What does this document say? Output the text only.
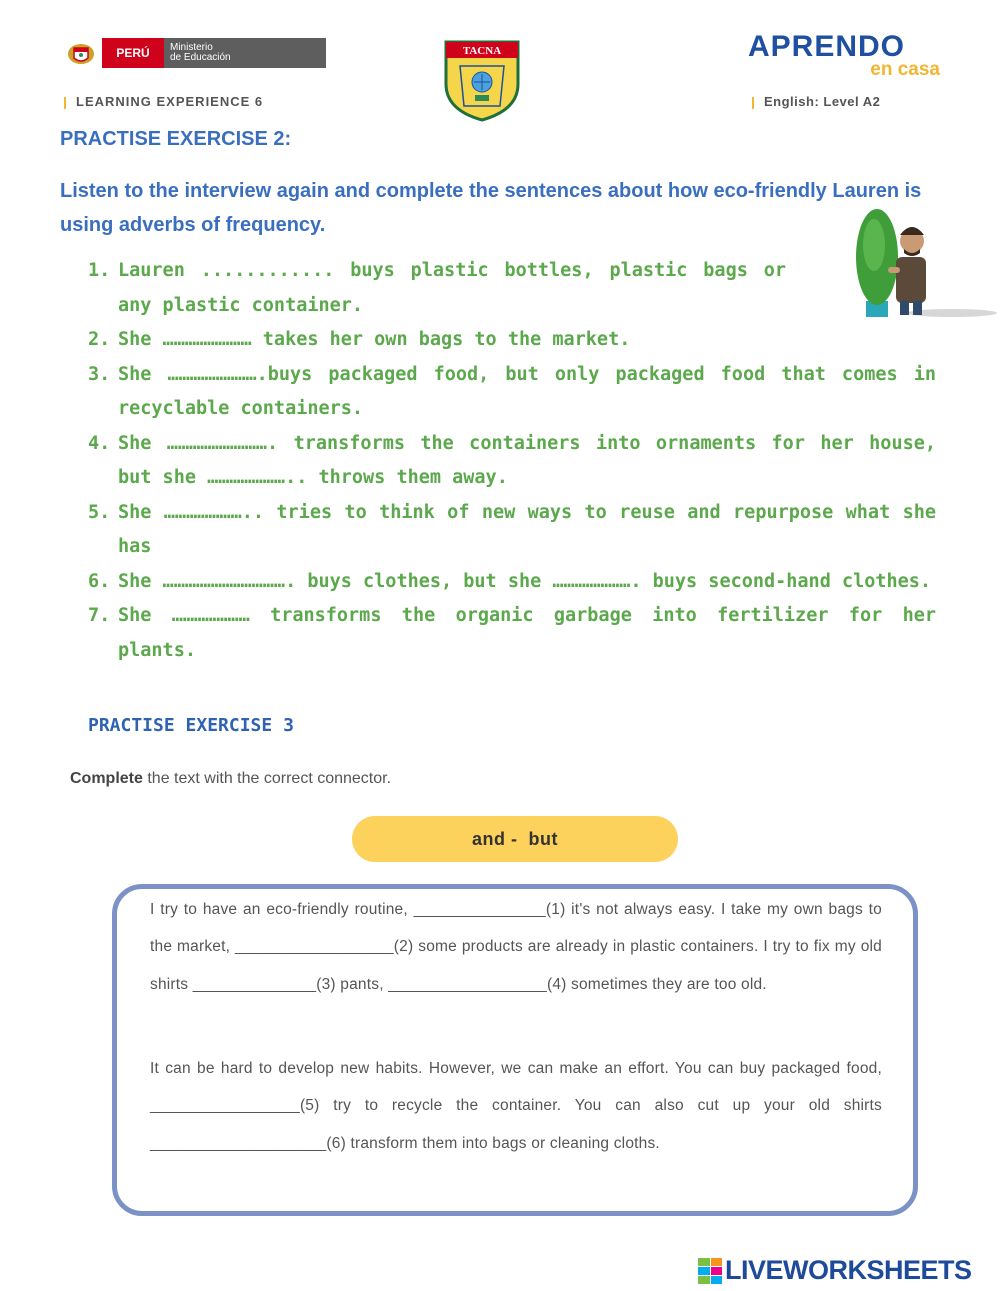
PERÚ	Ministerio
de Educación
LEARNING EXPERIENCE 6
TACNA	APRENDO
en casa
English: Level A2
PRACTISE EXERCISE 2:
Listen to the interview again and complete the sentences about how eco-friendly Lauren is using adverbs of frequency.
1. Lauren ............ buys plastic bottles, plastic bags or any plastic container.
2. She …………………… takes her own bags to the market.
3. She …………………….buys packaged food, but only packaged food that comes in recyclable containers.
4. She ………………………. transforms the containers into ornaments for her house, but she ………………….. throws them away.
5. She ………………….. tries to think of new ways to reuse and repurpose what she has
6. She ……………………………. buys clothes, but she …………………. buys second-hand clothes.
7. She ………………… transforms the organic garbage into fertilizer for her plants.
PRACTISE EXERCISE 3
Complete the text with the correct connector.
and -  but
I try to have an eco-friendly routine, _______________(1) it's not always easy. I take my own bags to the market, __________________(2) some products are already in plastic containers. I try to fix my old shirts ______________(3) pants, __________________(4) sometimes they are too old.
It can be hard to develop new habits. However, we can make an effort. You can buy packaged food, _________________(5) try to recycle the container. You can also cut up your old shirts ____________________(6) transform them into bags or cleaning cloths.
LIVEWORKSHEETS
